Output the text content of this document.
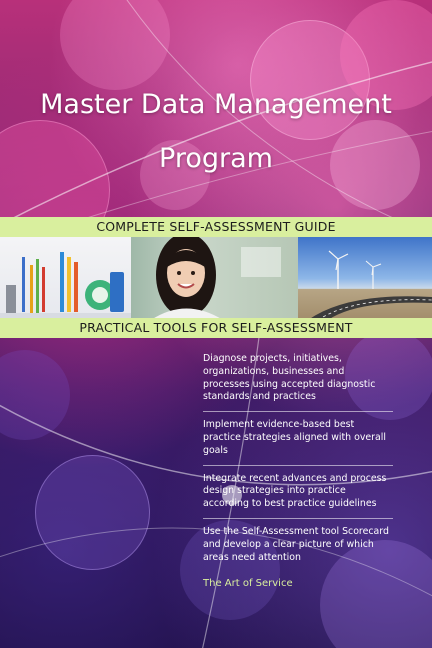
Master Data Management
Program
COMPLETE SELF-ASSESSMENT GUIDE
PRACTICAL TOOLS FOR SELF-ASSESSMENT
Diagnose projects, initiatives, organizations, businesses and processes using accepted diagnostic standards and practices
Implement evidence-based best practice strategies aligned with overall goals
Integrate recent advances and process design strategies into practice according to best practice guidelines
Use the Self-Assessment tool Scorecard and develop a clear picture of which areas need attention
The Art of Service
